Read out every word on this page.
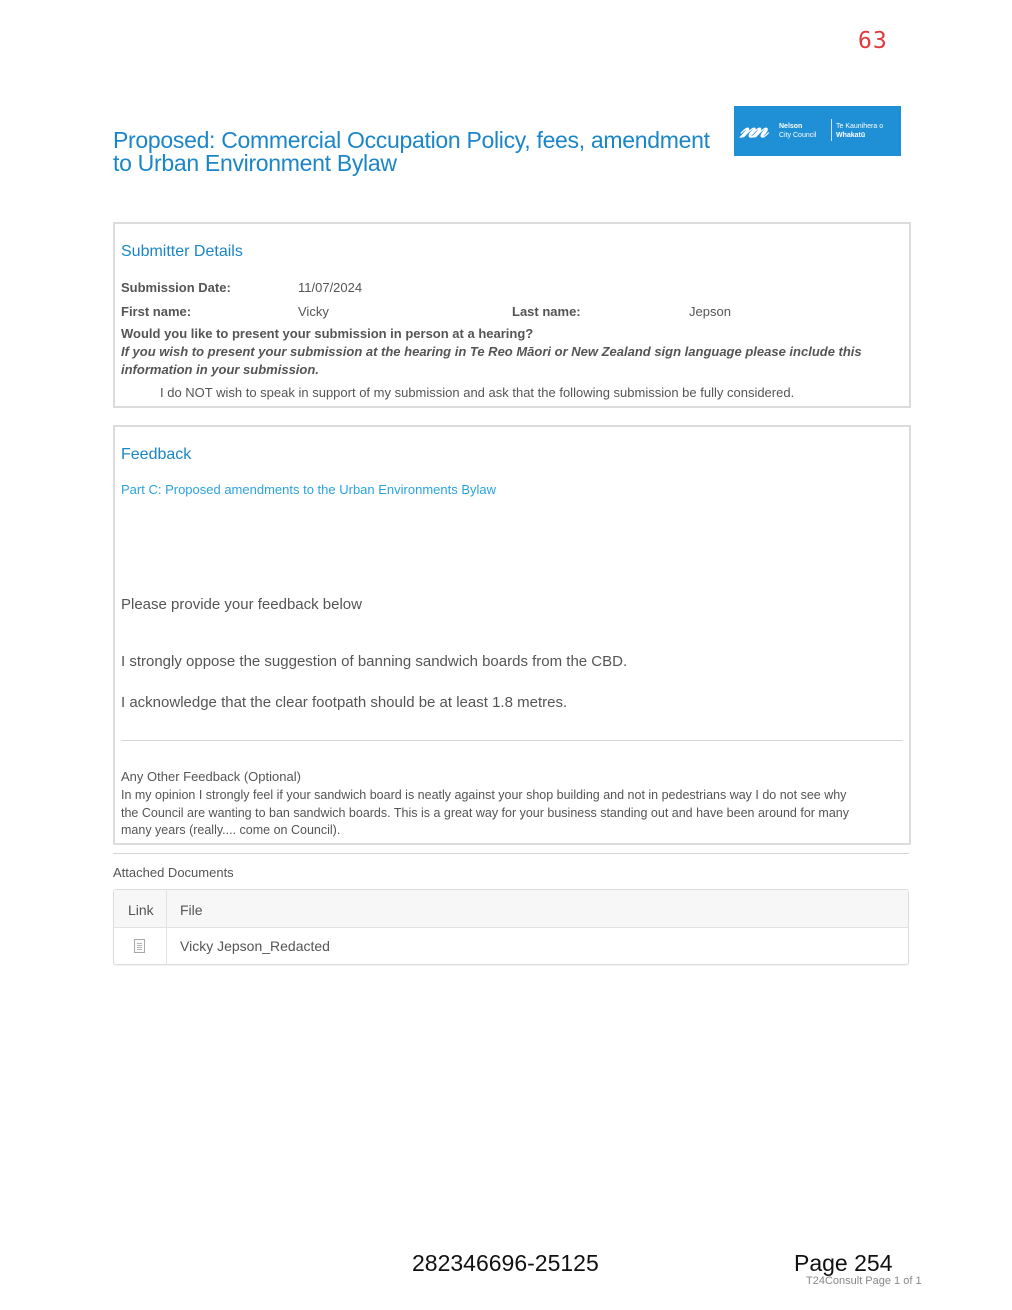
63
Proposed: Commercial Occupation Policy, fees, amendment to Urban Environment Bylaw
𝓃𝓃 Nelson
City Council
Te Kaunihera o
Whakatū
Submitter Details
Submission Date:	11/07/2024
First name:	Vicky	Last name:	Jepson
Would you like to present your submission in person at a hearing?
If you wish to present your submission at the hearing in Te Reo Māori or New Zealand sign language please include this information in your submission.
I do NOT wish to speak in support of my submission and ask that the following submission be fully considered.
Feedback
Part C: Proposed amendments to the Urban Environments Bylaw
Please provide your feedback below
I strongly oppose the suggestion of banning sandwich boards from the CBD.
I acknowledge that the clear footpath should be at least 1.8 metres.
Any Other Feedback (Optional)
In my opinion I strongly feel if your sandwich board is neatly against your shop building and not in pedestrians way I do not see why the Council are wanting to ban sandwich boards. This is a great way for your business standing out and have been around for many many years (really.... come on Council).
Attached Documents
Link File
Vicky Jepson_Redacted
282346696-25125	Page 254
T24Consult Page 1 of 1
